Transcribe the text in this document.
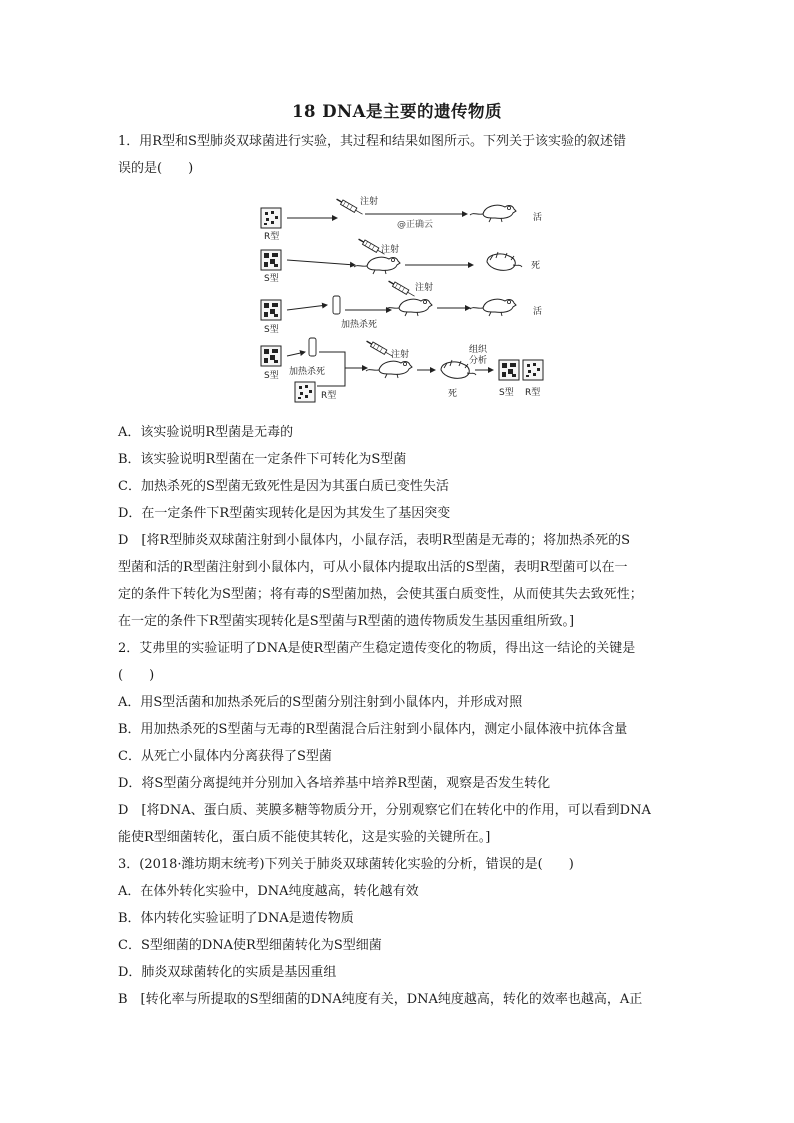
18 DNA是主要的遗传物质
1．用R型和S型肺炎双球菌进行实验，其过程和结果如图所示。下列关于该实验的叙述错
误的是(　　)
R型
注射
@正确云
活
S型
注射
死
S型	加热杀死
注射
活
S型 加热杀死
R型
注射
死
组织
分析
S型 R型
A．该实验说明R型菌是无毒的
B．该实验说明R型菌在一定条件下可转化为S型菌
C．加热杀死的S型菌无致死性是因为其蛋白质已变性失活
D．在一定条件下R型菌实现转化是因为其发生了基因突变
D　[将R型肺炎双球菌注射到小鼠体内，小鼠存活，表明R型菌是无毒的；将加热杀死的S
型菌和活的R型菌注射到小鼠体内，可从小鼠体内提取出活的S型菌，表明R型菌可以在一
定的条件下转化为S型菌；将有毒的S型菌加热，会使其蛋白质变性，从而使其失去致死性；
在一定的条件下R型菌实现转化是S型菌与R型菌的遗传物质发生基因重组所致。]
2．艾弗里的实验证明了DNA是使R型菌产生稳定遗传变化的物质，得出这一结论的关键是
(　　)
A．用S型活菌和加热杀死后的S型菌分别注射到小鼠体内，并形成对照
B．用加热杀死的S型菌与无毒的R型菌混合后注射到小鼠体内，测定小鼠体液中抗体含量
C．从死亡小鼠体内分离获得了S型菌
D．将S型菌分离提纯并分别加入各培养基中培养R型菌，观察是否发生转化
D　[将DNA、蛋白质、荚膜多糖等物质分开，分别观察它们在转化中的作用，可以看到DNA
能使R型细菌转化，蛋白质不能使其转化，这是实验的关键所在。]
3．(2018·潍坊期末统考)下列关于肺炎双球菌转化实验的分析，错误的是(　　)
A．在体外转化实验中，DNA纯度越高，转化越有效
B．体内转化实验证明了DNA是遗传物质
C．S型细菌的DNA使R型细菌转化为S型细菌
D．肺炎双球菌转化的实质是基因重组
B　[转化率与所提取的S型细菌的DNA纯度有关，DNA纯度越高，转化的效率也越高，A正
